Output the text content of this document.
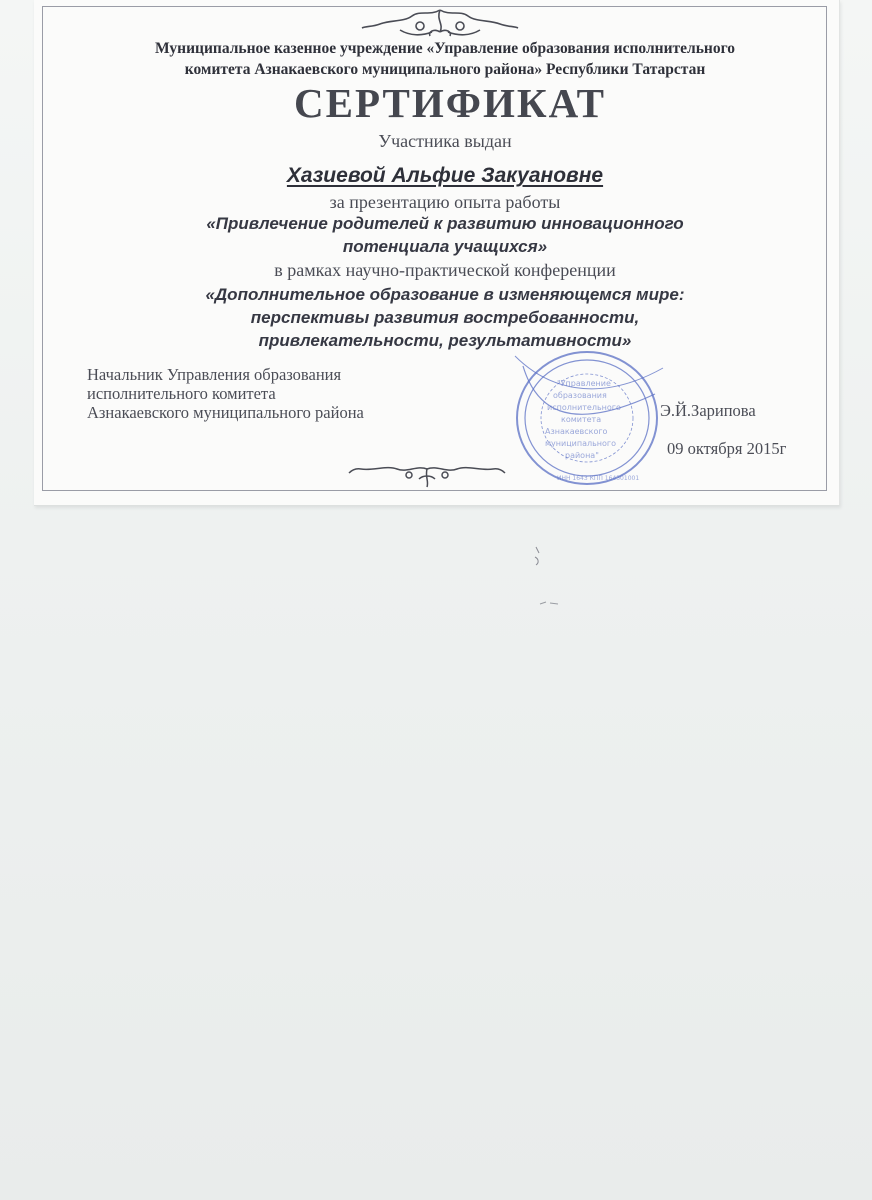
Муниципальное казенное учреждение «Управление образования исполнительного
комитета Азнакаевского муниципального района» Республики Татарстан
СЕРТИФИКАТ
Участника выдан
Хазиевой Альфие Закуановне
за презентацию опыта работы
«Привлечение родителей к развитию инновационного
потенциала учащихся»
в рамках научно-практической конференции
«Дополнительное образование в изменяющемся мире:
перспективы развития востребованности,
привлекательности, результативности»
Начальник Управления образования
исполнительного комитета
Азнакаевского муниципального района
"Управление
образования
исполнительного
комитета
Азнакаевского
муниципального
района"
ИНН 1643 КПП 164301001
Э.Й.Зарипова
09 октября 2015г
